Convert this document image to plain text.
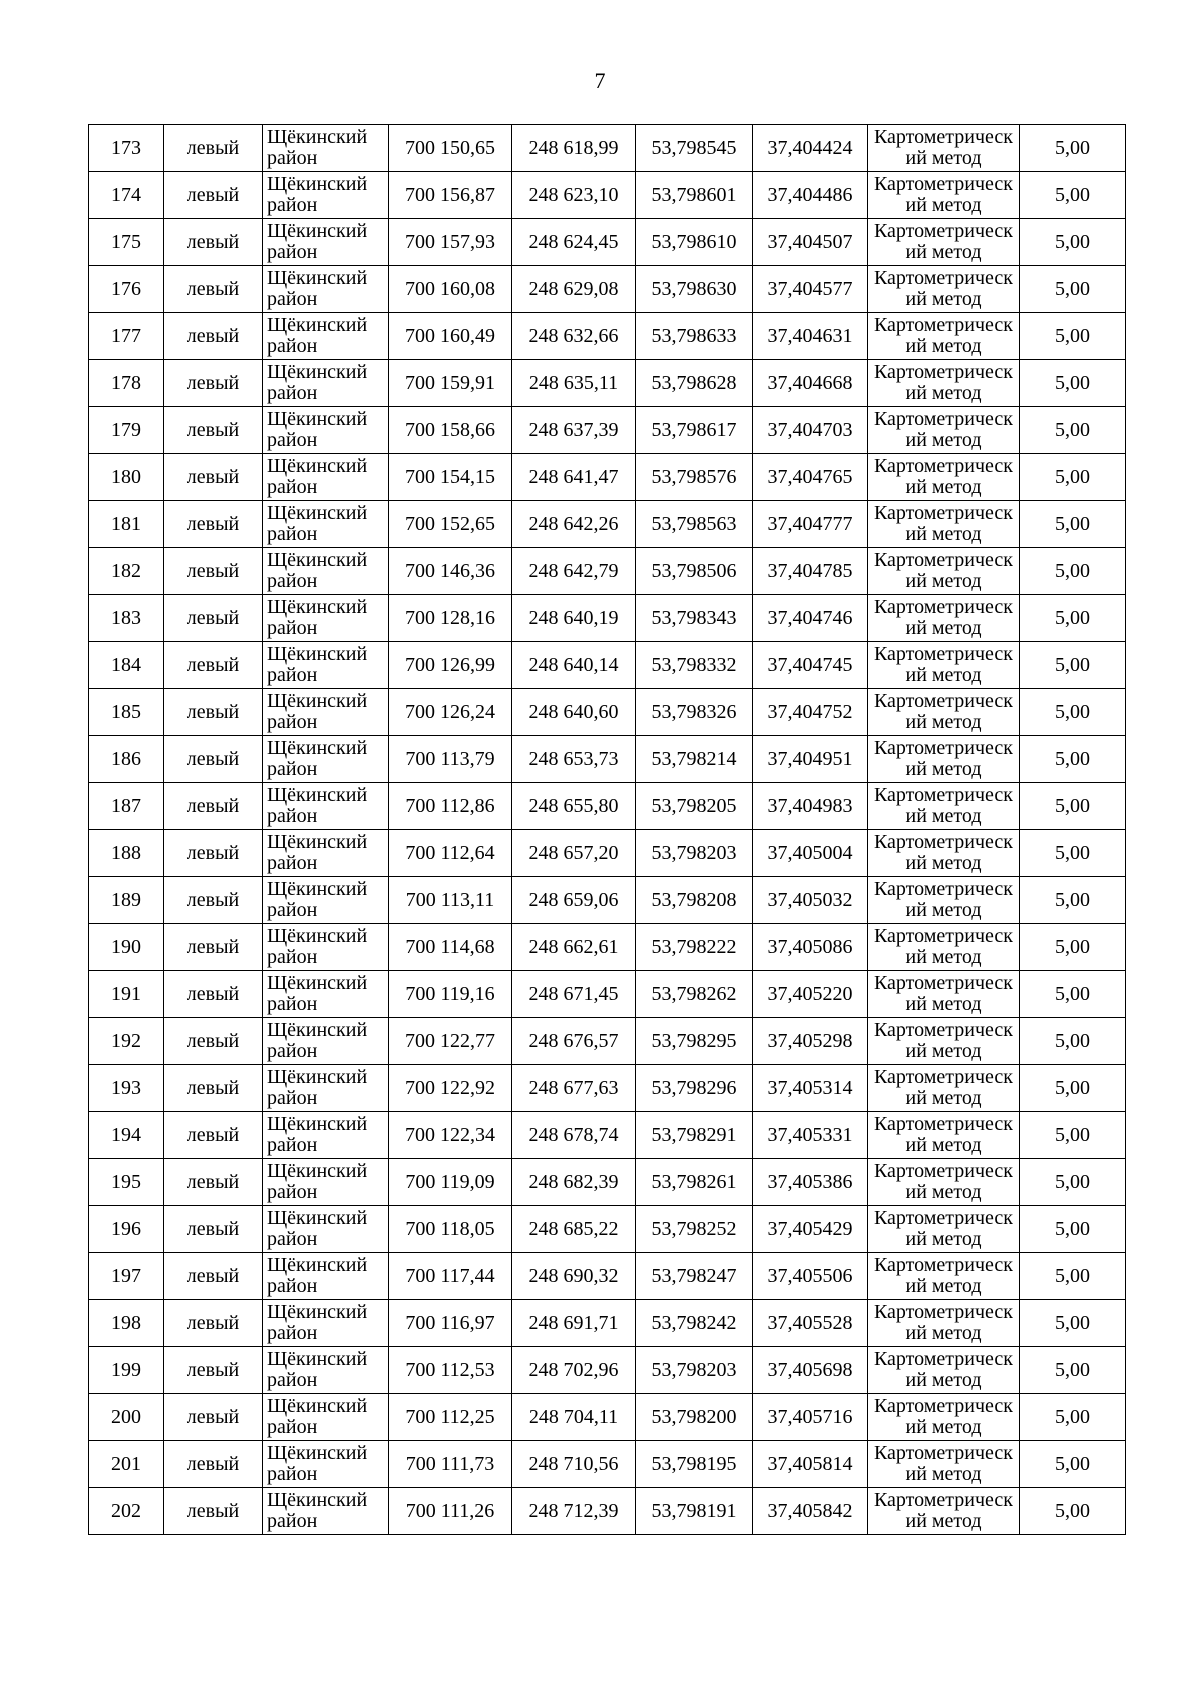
7
173	левый	Щёкинский район	700 150,65	248 618,99	53,798545	37,404424	Картометрическ ий метод	5,00
174	левый	Щёкинский район	700 156,87	248 623,10	53,798601	37,404486	Картометрическ ий метод	5,00
175	левый	Щёкинский район	700 157,93	248 624,45	53,798610	37,404507	Картометрическ ий метод	5,00
176	левый	Щёкинский район	700 160,08	248 629,08	53,798630	37,404577	Картометрическ ий метод	5,00
177	левый	Щёкинский район	700 160,49	248 632,66	53,798633	37,404631	Картометрическ ий метод	5,00
178	левый	Щёкинский район	700 159,91	248 635,11	53,798628	37,404668	Картометрическ ий метод	5,00
179	левый	Щёкинский район	700 158,66	248 637,39	53,798617	37,404703	Картометрическ ий метод	5,00
180	левый	Щёкинский район	700 154,15	248 641,47	53,798576	37,404765	Картометрическ ий метод	5,00
181	левый	Щёкинский район	700 152,65	248 642,26	53,798563	37,404777	Картометрическ ий метод	5,00
182	левый	Щёкинский район	700 146,36	248 642,79	53,798506	37,404785	Картометрическ ий метод	5,00
183	левый	Щёкинский район	700 128,16	248 640,19	53,798343	37,404746	Картометрическ ий метод	5,00
184	левый	Щёкинский район	700 126,99	248 640,14	53,798332	37,404745	Картометрическ ий метод	5,00
185	левый	Щёкинский район	700 126,24	248 640,60	53,798326	37,404752	Картометрическ ий метод	5,00
186	левый	Щёкинский район	700 113,79	248 653,73	53,798214	37,404951	Картометрическ ий метод	5,00
187	левый	Щёкинский район	700 112,86	248 655,80	53,798205	37,404983	Картометрическ ий метод	5,00
188	левый	Щёкинский район	700 112,64	248 657,20	53,798203	37,405004	Картометрическ ий метод	5,00
189	левый	Щёкинский район	700 113,11	248 659,06	53,798208	37,405032	Картометрическ ий метод	5,00
190	левый	Щёкинский район	700 114,68	248 662,61	53,798222	37,405086	Картометрическ ий метод	5,00
191	левый	Щёкинский район	700 119,16	248 671,45	53,798262	37,405220	Картометрическ ий метод	5,00
192	левый	Щёкинский район	700 122,77	248 676,57	53,798295	37,405298	Картометрическ ий метод	5,00
193	левый	Щёкинский район	700 122,92	248 677,63	53,798296	37,405314	Картометрическ ий метод	5,00
194	левый	Щёкинский район	700 122,34	248 678,74	53,798291	37,405331	Картометрическ ий метод	5,00
195	левый	Щёкинский район	700 119,09	248 682,39	53,798261	37,405386	Картометрическ ий метод	5,00
196	левый	Щёкинский район	700 118,05	248 685,22	53,798252	37,405429	Картометрическ ий метод	5,00
197	левый	Щёкинский район	700 117,44	248 690,32	53,798247	37,405506	Картометрическ ий метод	5,00
198	левый	Щёкинский район	700 116,97	248 691,71	53,798242	37,405528	Картометрическ ий метод	5,00
199	левый	Щёкинский район	700 112,53	248 702,96	53,798203	37,405698	Картометрическ ий метод	5,00
200	левый	Щёкинский район	700 112,25	248 704,11	53,798200	37,405716	Картометрическ ий метод	5,00
201	левый	Щёкинский район	700 111,73	248 710,56	53,798195	37,405814	Картометрическ ий метод	5,00
202	левый	Щёкинский район	700 111,26	248 712,39	53,798191	37,405842	Картометрическ ий метод	5,00
